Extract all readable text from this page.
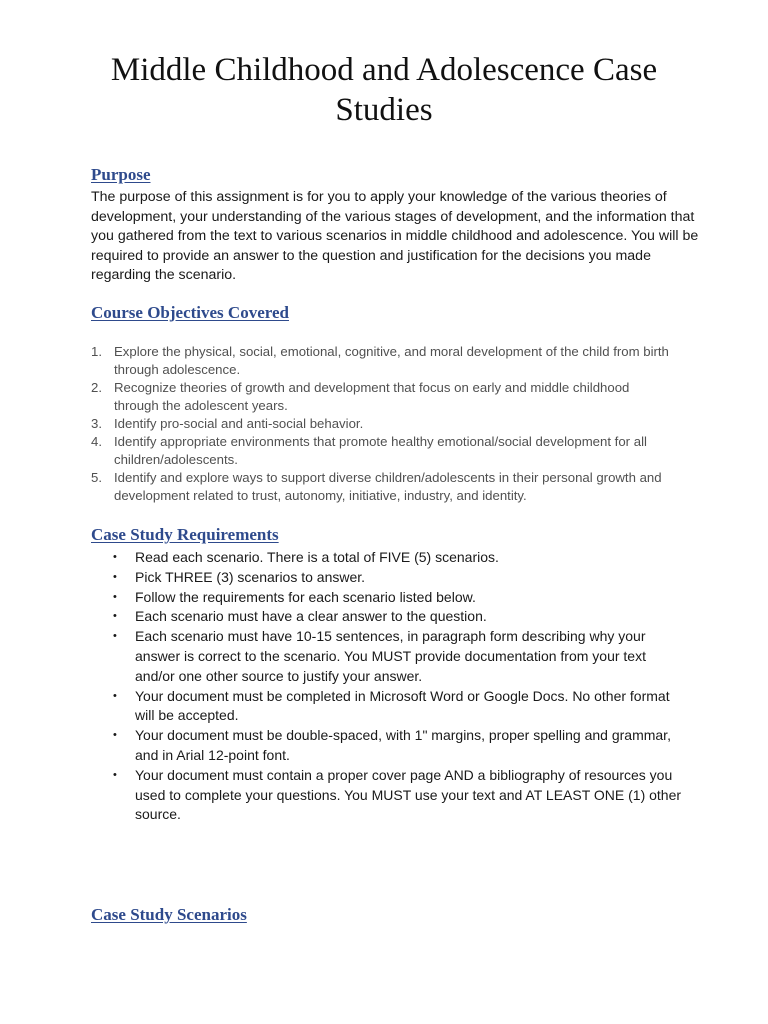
Middle Childhood and Adolescence Case Studies
Purpose

The purpose of this assignment is for you to apply your knowledge of the various theories of development, your understanding of the various stages of development, and the information that you gathered from the text to various scenarios in middle childhood and adolescence. You will be required to provide an answer to the question and justification for the decisions you made regarding the scenario.

Course Objectives Covered
1. Explore the physical, social, emotional, cognitive, and moral development of the child from birth through adolescence.
2. Recognize theories of growth and development that focus on early and middle childhood through the adolescent years.
3. Identify pro-social and anti-social behavior.
4. Identify appropriate environments that promote healthy emotional/social development for all children/adolescents.
5. Identify and explore ways to support diverse children/adolescents in their personal growth and development related to trust, autonomy, initiative, industry, and identity.
Case Study Requirements
• Read each scenario. There is a total of FIVE (5) scenarios.
• Pick THREE (3) scenarios to answer.
• Follow the requirements for each scenario listed below.
• Each scenario must have a clear answer to the question.
• Each scenario must have 10-15 sentences, in paragraph form describing why your answer is correct to the scenario. You MUST provide documentation from your text and/or one other source to justify your answer.
• Your document must be completed in Microsoft Word or Google Docs. No other format will be accepted.
• Your document must be double-spaced, with 1" margins, proper spelling and grammar, and in Arial 12-point font.
• Your document must contain a proper cover page AND a bibliography of resources you used to complete your questions. You MUST use your text and AT LEAST ONE (1) other source.
Case Study Scenarios
